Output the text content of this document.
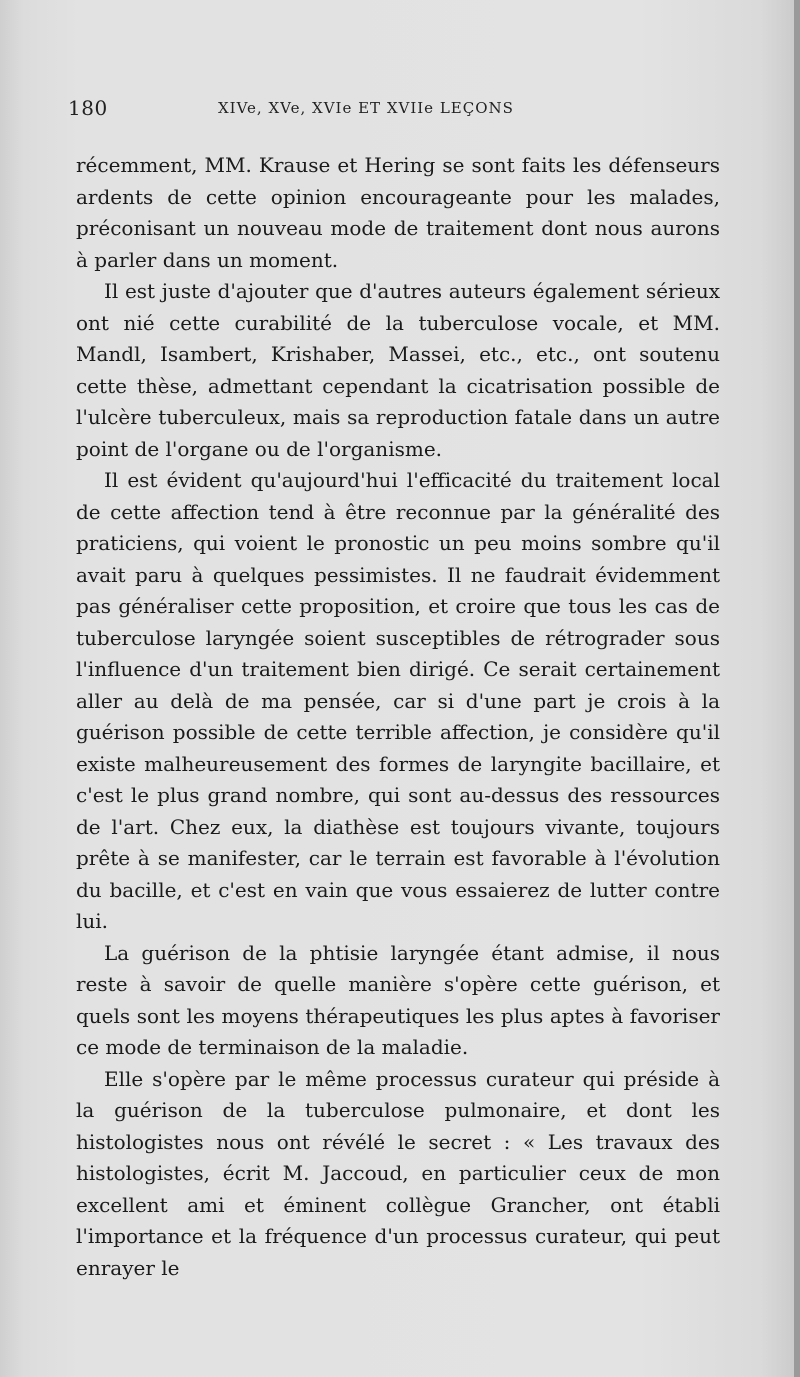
180	XIVe, XVe, XVIe ET XVIIe LEÇONS

récemment, MM. Krause et Hering se sont faits les défenseurs ardents de cette opinion encourageante pour les malades, préconisant un nouveau mode de traitement dont nous aurons à parler dans un moment.

Il est juste d'ajouter que d'autres auteurs également sérieux ont nié cette curabilité de la tuberculose vocale, et MM. Mandl, Isambert, Krishaber, Massei, etc., etc., ont soutenu cette thèse, admettant cependant la cicatrisation possible de l'ulcère tuberculeux, mais sa reproduction fatale dans un autre point de l'organe ou de l'organisme.

Il est évident qu'aujourd'hui l'efficacité du traitement local de cette affection tend à être reconnue par la généralité des praticiens, qui voient le pronostic un peu moins sombre qu'il avait paru à quelques pessimistes. Il ne faudrait évidemment pas généraliser cette proposition, et croire que tous les cas de tuberculose laryngée soient susceptibles de rétrograder sous l'influence d'un traitement bien dirigé. Ce serait certainement aller au delà de ma pensée, car si d'une part je crois à la guérison possible de cette terrible affection, je considère qu'il existe malheureusement des formes de laryngite bacillaire, et c'est le plus grand nombre, qui sont au-dessus des ressources de l'art. Chez eux, la diathèse est toujours vivante, toujours prête à se manifester, car le terrain est favorable à l'évolution du bacille, et c'est en vain que vous essaierez de lutter contre lui.

La guérison de la phtisie laryngée étant admise, il nous reste à savoir de quelle manière s'opère cette guérison, et quels sont les moyens thérapeutiques les plus aptes à favoriser ce mode de terminaison de la maladie.

Elle s'opère par le même processus curateur qui préside à la guérison de la tuberculose pulmonaire, et dont les histologistes nous ont révélé le secret : « Les travaux des histologistes, écrit M. Jaccoud, en particulier ceux de mon excellent ami et éminent collègue Grancher, ont établi l'importance et la fréquence d'un processus curateur, qui peut enrayer le
